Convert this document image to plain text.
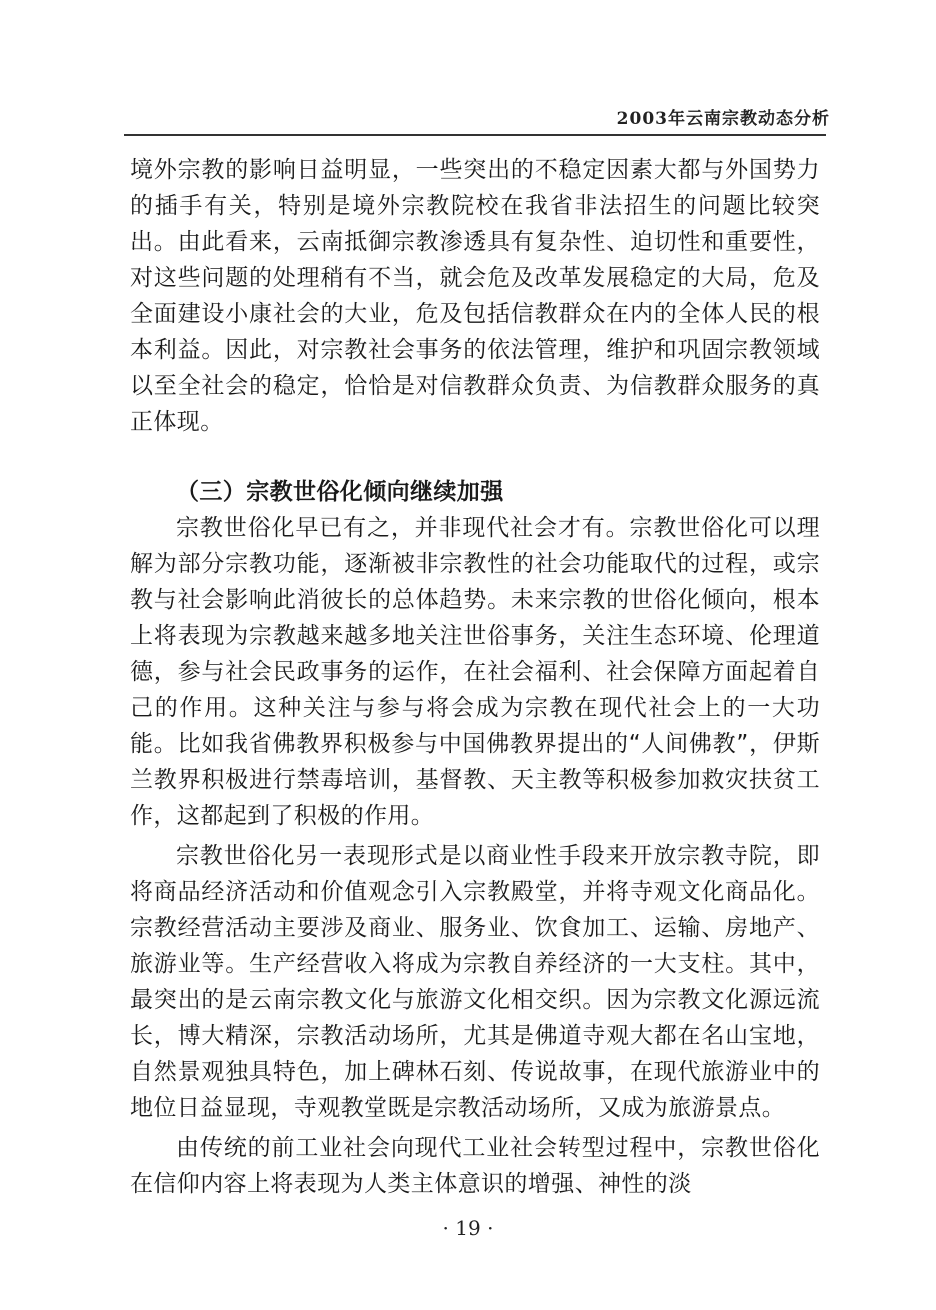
2003年云南宗教动态分析

境外宗教的影响日益明显，一些突出的不稳定因素大都与外国势力的插手有关，特别是境外宗教院校在我省非法招生的问题比较突出。由此看来，云南抵御宗教渗透具有复杂性、迫切性和重要性，对这些问题的处理稍有不当，就会危及改革发展稳定的大局，危及全面建设小康社会的大业，危及包括信教群众在内的全体人民的根本利益。因此，对宗教社会事务的依法管理，维护和巩固宗教领域以至全社会的稳定，恰恰是对信教群众负责、为信教群众服务的真正体现。

（三）宗教世俗化倾向继续加强

宗教世俗化早已有之，并非现代社会才有。宗教世俗化可以理解为部分宗教功能，逐渐被非宗教性的社会功能取代的过程，或宗教与社会影响此消彼长的总体趋势。未来宗教的世俗化倾向，根本上将表现为宗教越来越多地关注世俗事务，关注生态环境、伦理道德，参与社会民政事务的运作，在社会福利、社会保障方面起着自己的作用。这种关注与参与将会成为宗教在现代社会上的一大功能。比如我省佛教界积极参与中国佛教界提出的“人间佛教”，伊斯兰教界积极进行禁毒培训，基督教、天主教等积极参加救灾扶贫工作，这都起到了积极的作用。

宗教世俗化另一表现形式是以商业性手段来开放宗教寺院，即将商品经济活动和价值观念引入宗教殿堂，并将寺观文化商品化。宗教经营活动主要涉及商业、服务业、饮食加工、运输、房地产、旅游业等。生产经营收入将成为宗教自养经济的一大支柱。其中，最突出的是云南宗教文化与旅游文化相交织。因为宗教文化源远流长，博大精深，宗教活动场所，尤其是佛道寺观大都在名山宝地，自然景观独具特色，加上碑林石刻、传说故事，在现代旅游业中的地位日益显现，寺观教堂既是宗教活动场所，又成为旅游景点。

由传统的前工业社会向现代工业社会转型过程中，宗教世俗化在信仰内容上将表现为人类主体意识的增强、神性的淡

· 19 ·
